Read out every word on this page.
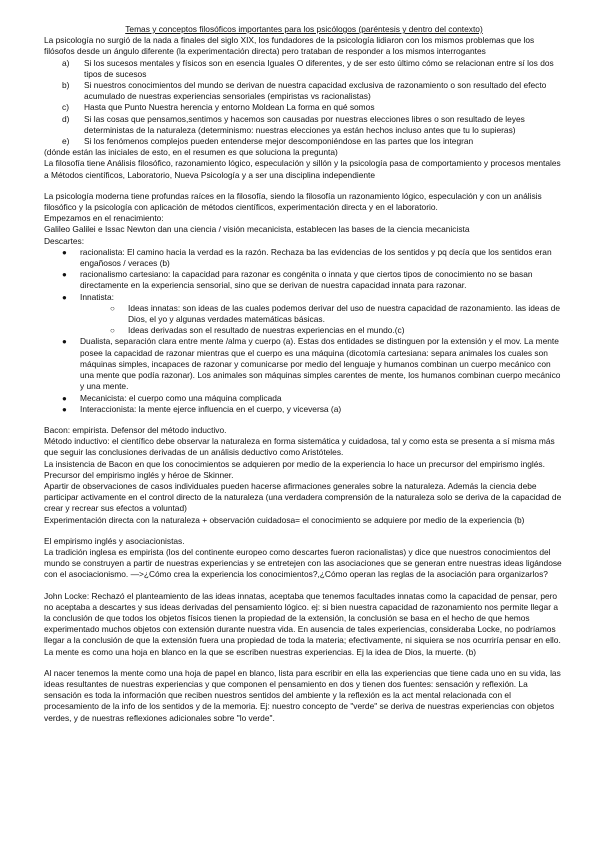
Temas y conceptos filosóficos importantes para los psicólogos (paréntesis y dentro del contexto)

La psicología no surgió de la nada a finales del siglo XIX, los fundadores de la psicología lidiaron con los mismos problemas que los filósofos desde un ángulo diferente (la experimentación directa) pero trataban de responder a los mismos interrogantes

a) Si los sucesos mentales y físicos son en esencia Iguales O diferentes, y de ser esto último cómo se relacionan entre sí los dos tipos de sucesos
b) Si nuestros conocimientos del mundo se derivan de nuestra capacidad exclusiva de razonamiento o son resultado del efecto acumulado de nuestras experiencias sensoriales (empiristas vs racionalistas)
c) Hasta que Punto Nuestra herencia y entorno Moldean La forma en qué somos
d) Si las cosas que pensamos,sentimos y hacemos son causadas por nuestras elecciones libres o son resultado de leyes deterministas de la naturaleza (determinismo: nuestras elecciones ya están hechos incluso antes que tu lo supieras)
e) Si los fenómenos complejos pueden entenderse mejor descomponiéndose en las partes que los integran

(dónde están las iniciales de esto, en el resumen es que soluciona la pregunta)

La filosofía tiene Análisis filosófico, razonamiento lógico, especulación y sillón y la psicología pasa de comportamiento y procesos mentales a Métodos científicos, Laboratorio, Nueva Psicología y a ser una disciplina independiente

La psicología moderna tiene profundas raíces en la filosofía, siendo la filosofía un razonamiento lógico, especulación y con un análisis filosófico y la psicología con aplicación de métodos científicos, experimentación directa y en el laboratorio.

Empezamos en el renacimiento:

Galileo Galilei e Issac Newton dan una ciencia / visión mecanicista, establecen las bases de la ciencia mecanicista

Descartes:

● racionalista: El camino hacia la verdad es la razón. Rechaza ba las evidencias de los sentidos y pq decía que los sentidos eran engañosos / veraces (b)
● racionalismo cartesiano: la capacidad para razonar es congénita o innata y que ciertos tipos de conocimiento no se basan directamente en la experiencia sensorial, sino que se derivan de nuestra capacidad innata para razonar.
● Innatista:
○ Ideas innatas: son ideas de las cuales podemos derivar del uso de nuestra capacidad de razonamiento. las ideas de Dios, el yo y algunas verdades matemáticas básicas.
○ Ideas derivadas son el resultado de nuestras experiencias en el mundo.(c)
● Dualista, separación clara entre mente /alma y cuerpo (a). Estas dos entidades se distinguen por la extensión y el mov. La mente posee la capacidad de razonar mientras que el cuerpo es una máquina (dicotomía cartesiana: separa animales los cuales son máquinas simples, incapaces de razonar y comunicarse por medio del lenguaje y humanos combinan un cuerpo mecánico con una mente que podía razonar). Los animales son máquinas simples carentes de mente, los humanos combinan cuerpo mecánico y una mente.
● Mecanicista: el cuerpo como una máquina complicada
● Interaccionista: la mente ejerce influencia en el cuerpo, y viceversa (a)

Bacon: empirista. Defensor del método inductivo.

Método inductivo: el científico debe observar la naturaleza en forma sistemática y cuidadosa, tal y como esta se presenta a sí misma más que seguir las conclusiones derivadas de un análisis deductivo como Aristóteles.

La insistencia de Bacon en que los conocimientos se adquieren por medio de la experiencia lo hace un precursor del empirismo inglés. Precursor del empirismo inglés y héroe de Skinner.

Apartir de observaciones de casos individuales pueden hacerse afirmaciones generales sobre la naturaleza. Además la ciencia debe participar activamente en el control directo de la naturaleza (una verdadera comprensión de la naturaleza solo se deriva de la capacidad de crear y recrear sus efectos a voluntad)

Experimentación directa con la naturaleza + observación cuidadosa= el conocimiento se adquiere por medio de la experiencia (b)

El empirismo inglés y asociacionistas.

La tradición inglesa es empirista (los del continente europeo como descartes fueron racionalistas) y dice que nuestros conocimientos del mundo se construyen a partir de nuestras experiencias y se entretejen con las asociaciones que se generan entre nuestras ideas ligándose con el asociacionismo. —>¿Cómo crea la experiencia los conocimientos?,¿Cómo operan las reglas de la asociación para organizarlos?

John Locke: Rechazó el planteamiento de las ideas innatas, aceptaba que tenemos facultades innatas como la capacidad de pensar, pero no aceptaba a descartes y sus ideas derivadas del pensamiento lógico. ej: si bien nuestra capacidad de razonamiento nos permite llegar a la conclusión de que todos los objetos físicos tienen la propiedad de la extensión, la conclusión se basa en el hecho de que hemos experimentado muchos objetos con extensión durante nuestra vida. En ausencia de tales experiencias, consideraba Locke, no podríamos llegar a la conclusión de que la extensión fuera una propiedad de toda la materia; efectivamente, ni siquiera se nos ocurriría pensar en ello. La mente es como una hoja en blanco en la que se escriben nuestras experiencias. Ej la idea de Dios, la muerte. (b)

Al nacer tenemos la mente como una hoja de papel en blanco, lista para escribir en ella las experiencias que tiene cada uno en su vida, las ideas resultantes de nuestras experiencias y que componen el pensamiento en dos y tienen dos fuentes: sensación y reflexión. La sensación es toda la información que reciben nuestros sentidos del ambiente y la reflexión es la act mental relacionada con el procesamiento de la info de los sentidos y de la memoria. Ej: nuestro concepto de "verde" se deriva de nuestras experiencias con objetos verdes, y de nuestras reflexiones adicionales sobre "lo verde".
